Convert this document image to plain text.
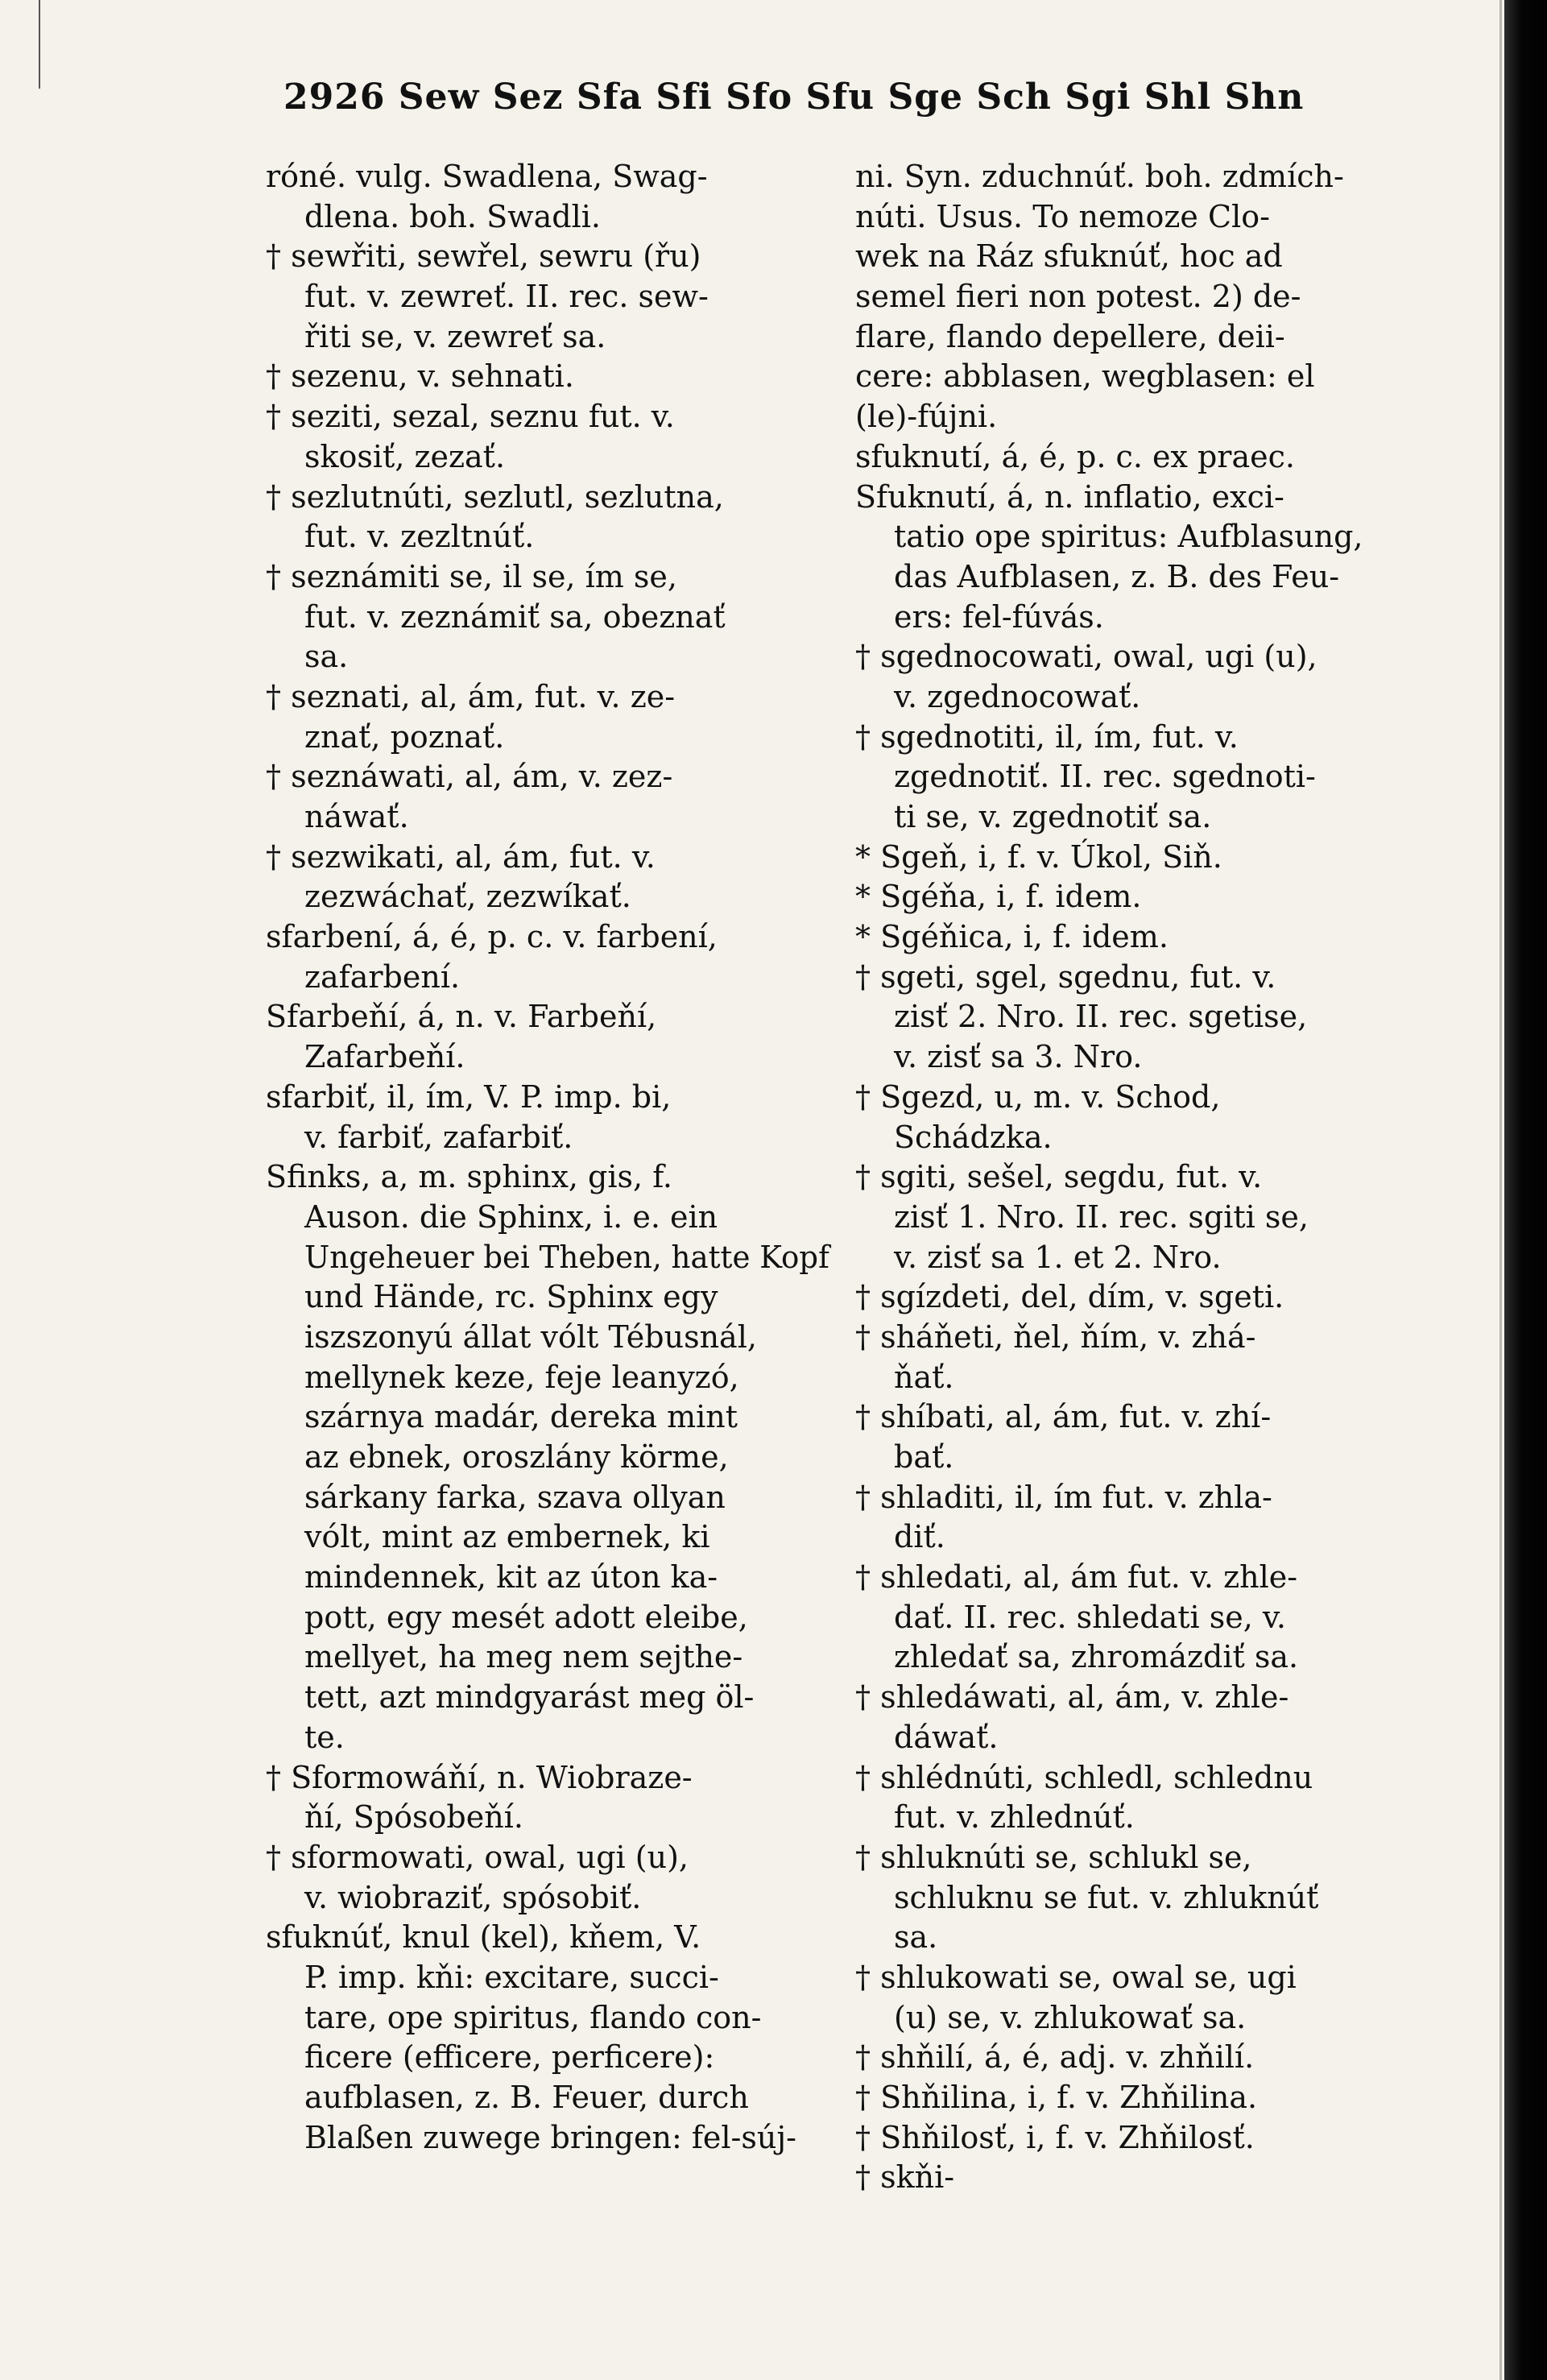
2926 Sew Sez Sfa Sfi Sfo Sfu Sge Sch Sgi Shl Shn
róné. vulg. Swadlena, Swag-
dlena. boh. Swadli.
† sewřiti, sewřel, sewru (řu)
fut. v. zewreť. II. rec. sew-
řiti se, v. zewreť sa.
† sezenu, v. sehnati.
† seziti, sezal, seznu fut. v.
skosiť, zezať.
† sezlutnúti, sezlutl, sezlutna,
fut. v. zezltnúť.
† seznámiti se, il se, ím se,
fut. v. zeznámiť sa, obeznať
sa.
† seznati, al, ám, fut. v. ze-
znať, poznať.
† seznáwati, al, ám, v. zez-
náwať.
† sezwikati, al, ám, fut. v.
zezwáchať, zezwíkať.
sfarbení, á, é, p. c. v. farbení,
zafarbení.
Sfarbeňí, á, n. v. Farbeňí,
Zafarbeňí.
sfarbiť, il, ím, V. P. imp. bi,
v. farbiť, zafarbiť.
Sfinks, a, m. sphinx, gis, f.
Auson. die Sphinx, i. e. ein
Ungeheuer bei Theben, hatte Kopf
und Hände, rc. Sphinx egy
iszszonyú állat vólt Tébusnál,
mellynek keze, feje leanyzó,
szárnya madár, dereka mint
az ebnek, oroszlány körme,
sárkany farka, szava ollyan
vólt, mint az embernek, ki
mindennek, kit az úton ka-
pott, egy mesét adott eleibe,
mellyet, ha meg nem sejthe-
tett, azt mindgyarást meg öl-
te.
† Sformowáňí, n. Wiobraze-
ňí, Spósobeňí.
† sformowati, owal, ugi (u),
v. wiobraziť, spósobiť.
sfuknúť, knul (kel), kňem, V.
P. imp. kňi: excitare, succi-
tare, ope spiritus, flando con-
ficere (efficere, perficere):
aufblasen, z. B. Feuer, durch
Blaßen zuwege bringen: fel-súj-
ni. Syn. zduchnúť. boh. zdmích-
núti. Usus. To nemoze Clo-
wek na Ráz sfuknúť, hoc ad
semel fieri non potest. 2) de-
flare, flando depellere, deii-
cere: abblasen, wegblasen: el
(le)-fújni.
sfuknutí, á, é, p. c. ex praec.
Sfuknutí, á, n. inflatio, exci-
tatio ope spiritus: Aufblasung,
das Aufblasen, z. B. des Feu-
ers: fel-fúvás.
† sgednocowati, owal, ugi (u),
v. zgednocowať.
† sgednotiti, il, ím, fut. v.
zgednotiť. II. rec. sgednoti-
ti se, v. zgednotiť sa.
* Sgeň, i, f. v. Úkol, Siň.
* Sgéňa, i, f. idem.
* Sgéňica, i, f. idem.
† sgeti, sgel, sgednu, fut. v.
zisť 2. Nro. II. rec. sgetise,
v. zisť sa 3. Nro.
† Sgezd, u, m. v. Schod,
Schádzka.
† sgiti, sešel, segdu, fut. v.
zisť 1. Nro. II. rec. sgiti se,
v. zisť sa 1. et 2. Nro.
† sgízdeti, del, dím, v. sgeti.
† sháňeti, ňel, ňím, v. zhá-
ňať.
† shíbati, al, ám, fut. v. zhí-
bať.
† shladiti, il, ím fut. v. zhla-
diť.
† shledati, al, ám fut. v. zhle-
dať. II. rec. shledati se, v.
zhledať sa, zhromázdiť sa.
† shledáwati, al, ám, v. zhle-
dáwať.
† shlédnúti, schledl, schlednu
fut. v. zhlednúť.
† shluknúti se, schlukl se,
schluknu se fut. v. zhluknúť
sa.
† shlukowati se, owal se, ugi
(u) se, v. zhlukowať sa.
† shňilí, á, é, adj. v. zhňilí.
† Shňilina, i, f. v. Zhňilina.
† Shňilosť, i, f. v. Zhňilosť.
† skňi-
